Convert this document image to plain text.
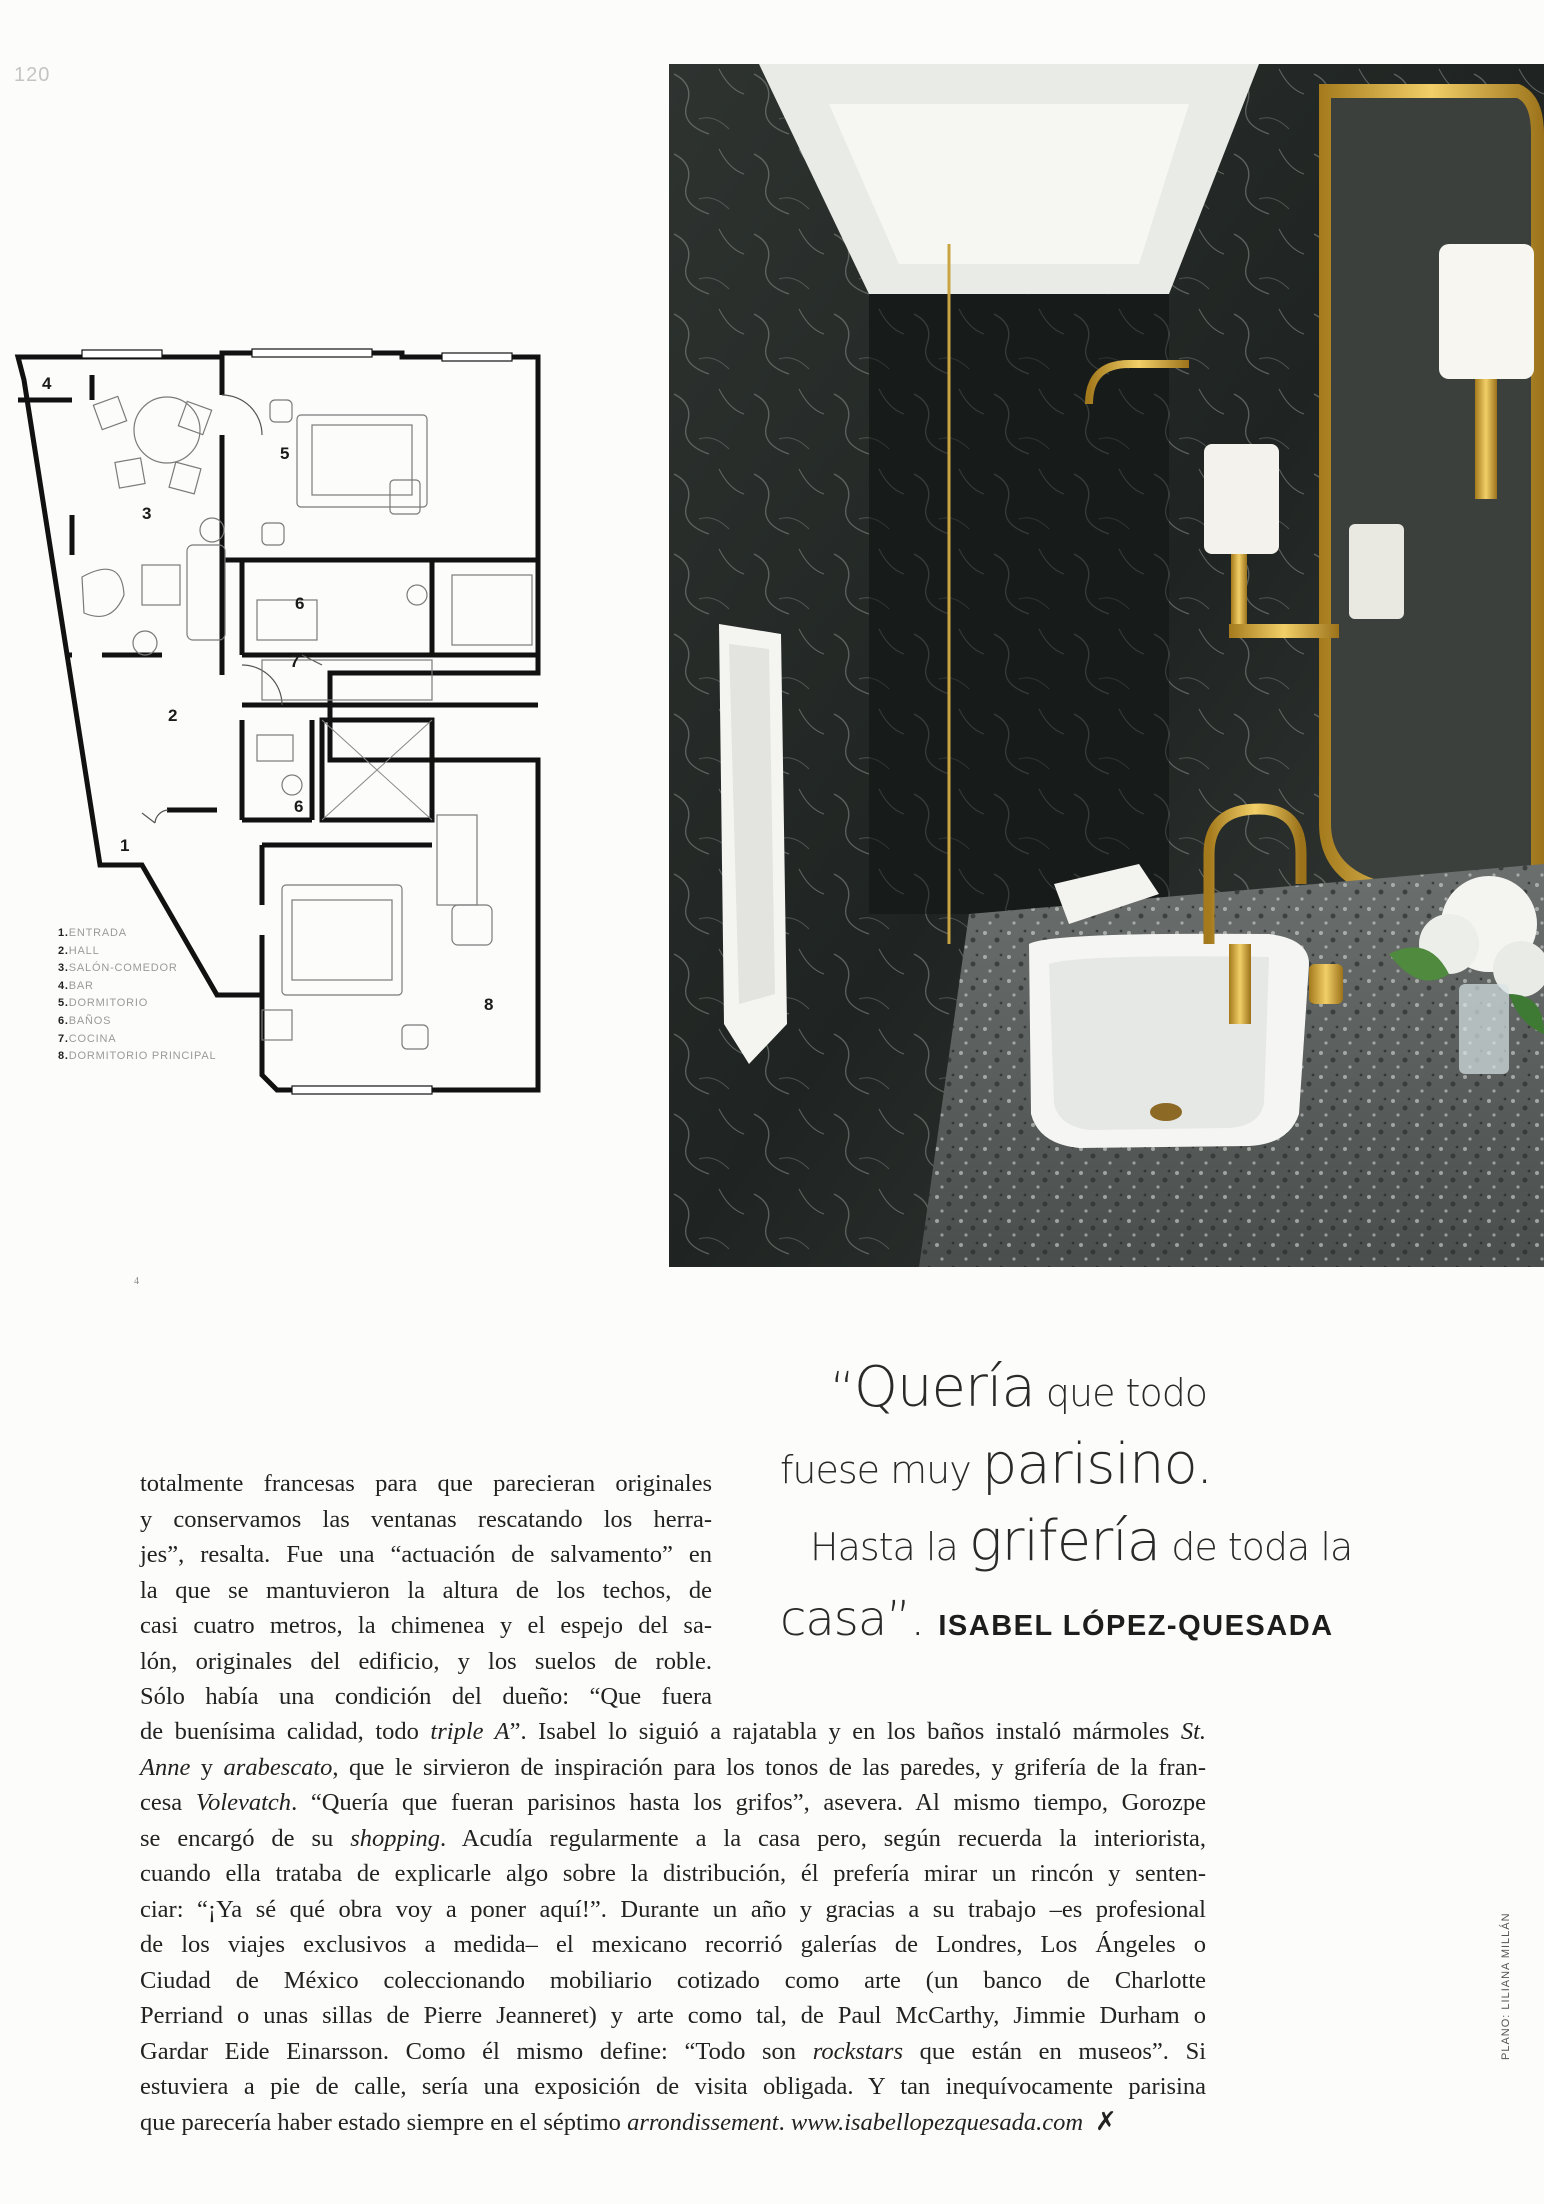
120
4
5
3
6
7
2
6
1
8
1.ENTRADA
2.HALL
3.SALÓN-COMEDOR
4.BAR
5.DORMITORIO
6.BAÑOS
7.COCINA
8.DORMITORIO PRINCIPAL
4
“Quería que todo
fuese muy parisino.
Hasta la grifería de toda la
casa”. ISABEL LÓPEZ-QUESADA
totalmente francesas para que parecieran originales
y conservamos las ventanas rescatando los herra-
jes”, resalta. Fue una “actuación de salvamento” en
la que se mantuvieron la altura de los techos, de
casi cuatro metros, la chimenea y el espejo del sa-
lón, originales del edificio, y los suelos de roble.
Sólo había una condición del dueño: “Que fuera
de buenísima calidad, todo triple A”. Isabel lo siguió a rajatabla y en los baños instaló mármoles St.
Anne y arabescato, que le sirvieron de inspiración para los tonos de las paredes, y grifería de la fran-
cesa Volevatch. “Quería que fueran parisinos hasta los grifos”, asevera. Al mismo tiempo, Gorozpe
se encargó de su shopping. Acudía regularmente a la casa pero, según recuerda la interiorista,
cuando ella trataba de explicarle algo sobre la distribución, él prefería mirar un rincón y senten-
ciar: “¡Ya sé qué obra voy a poner aquí!”. Durante un año y gracias a su trabajo –es profesional
de los viajes exclusivos a medida– el mexicano recorrió galerías de Londres, Los Ángeles o
Ciudad de México coleccionando mobiliario cotizado como arte (un banco de Charlotte
Perriand o unas sillas de Pierre Jeanneret) y arte como tal, de Paul McCarthy, Jimmie Durham o
Gardar Eide Einarsson. Como él mismo define: “Todo son rockstars que están en museos”. Si
estuviera a pie de calle, sería una exposición de visita obligada. Y tan inequívocamente parisina
que parecería haber estado siempre en el séptimo arrondissement. www.isabellopezquesada.com ✗
PLANO: LILIANA MILLÁN
